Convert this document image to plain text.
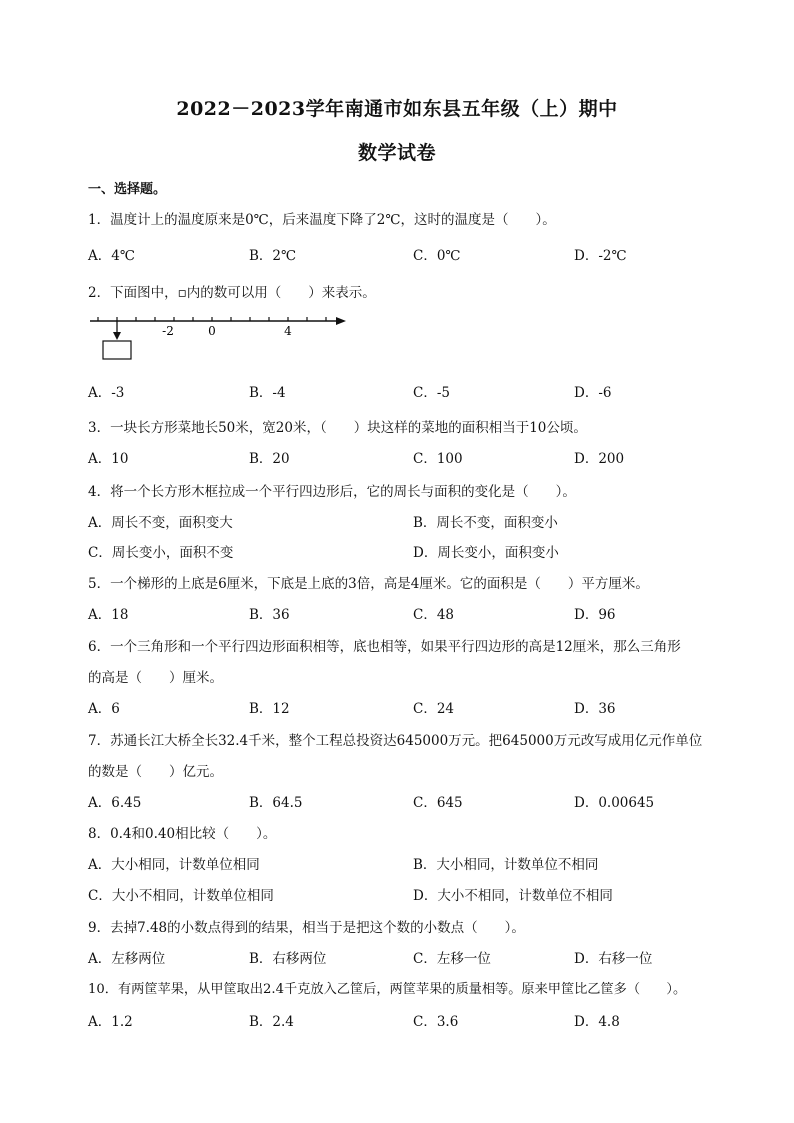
2022－2023学年南通市如东县五年级（上）期中
数学试卷
一、选择题。
1．温度计上的温度原来是0℃，后来温度下降了2℃，这时的温度是（　　）。
A．4℃	B．2℃	C．0℃	D．-2℃
2．下面图中，▫内的数可以用（　　）来表示。
-2	0	4
A．-3	B．-4	C．-5	D．-6
3．一块长方形菜地长50米，宽20米，（　　）块这样的菜地的面积相当于10公顷。
A．10	B．20	C．100	D．200
4．将一个长方形木框拉成一个平行四边形后，它的周长与面积的变化是（　　）。
A．周长不变，面积变大	B．周长不变，面积变小
C．周长变小，面积不变	D．周长变小，面积变小
5．一个梯形的上底是6厘米，下底是上底的3倍，高是4厘米。它的面积是（　　）平方厘米。
A．18	B．36	C．48	D．96
6．一个三角形和一个平行四边形面积相等，底也相等，如果平行四边形的高是12厘米，那么三角形
的高是（　　）厘米。
A．6	B．12	C．24	D．36
7．苏通长江大桥全长32.4千米，整个工程总投资达645000万元。把645000万元改写成用亿元作单位
的数是（　　）亿元。
A．6.45	B．64.5	C．645	D．0.00645
8．0.4和0.40相比较（　　）。
A．大小相同，计数单位相同	B．大小相同，计数单位不相同
C．大小不相同，计数单位相同	D．大小不相同，计数单位不相同
9．去掉7.48的小数点得到的结果，相当于是把这个数的小数点（　　）。
A．左移两位	B．右移两位	C．左移一位	D．右移一位
10．有两筐苹果，从甲筐取出2.4千克放入乙筐后，两筐苹果的质量相等。原来甲筐比乙筐多（　　）。
A．1.2	B．2.4	C．3.6	D．4.8
